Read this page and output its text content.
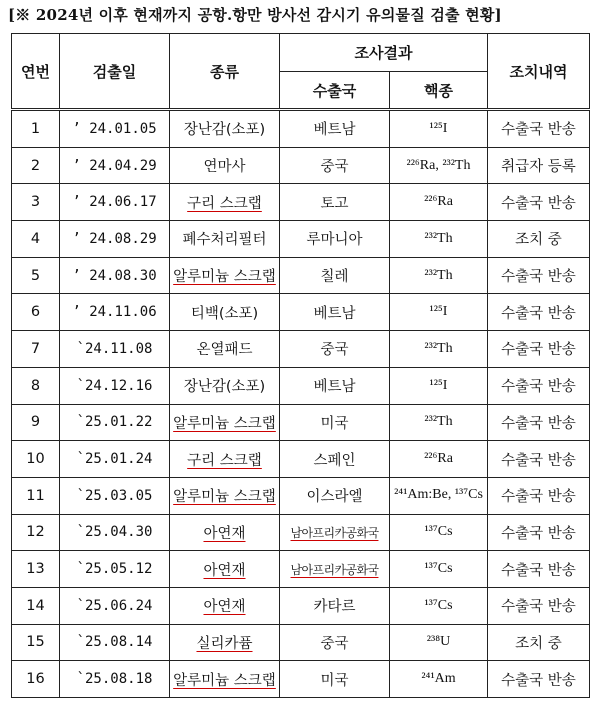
[※ 2024년 이후 현재까지 공항.항만 방사선 감시기 유의물질 검출 현황]
연번	검출일	종류	조사결과		조치내역
			수출국	핵종	
1	’ 24.01.05	장난감(소포)	베트남	¹²⁵I	수출국 반송
2	’ 24.04.29	연마사	중국	²²⁶Ra, ²³²Th	취급자 등록
3	’ 24.06.17	구리 스크랩	토고	²²⁶Ra	수출국 반송
4	’ 24.08.29	폐수처리필터	루마니아	²³²Th	조치 중
5	’ 24.08.30	알루미늄 스크랩	칠레	²³²Th	수출국 반송
6	’ 24.11.06	티백(소포)	베트남	¹²⁵I	수출국 반송
7	`24.11.08	온열패드	중국	²³²Th	수출국 반송
8	`24.12.16	장난감(소포)	베트남	¹²⁵I	수출국 반송
9	`25.01.22	알루미늄 스크랩	미국	²³²Th	수출국 반송
10	`25.01.24	구리 스크랩	스페인	²²⁶Ra	수출국 반송
11	`25.03.05	알루미늄 스크랩	이스라엘	²⁴¹Am:Be, ¹³⁷Cs	수출국 반송
12	`25.04.30	아연재	남아프리카공화국	¹³⁷Cs	수출국 반송
13	`25.05.12	아연재	남아프리카공화국	¹³⁷Cs	수출국 반송
14	`25.06.24	아연재	카타르	¹³⁷Cs	수출국 반송
15	`25.08.14	실리카퓸	중국	²³⁸U	조치 중
16	`25.08.18	알루미늄 스크랩	미국	²⁴¹Am	수출국 반송
